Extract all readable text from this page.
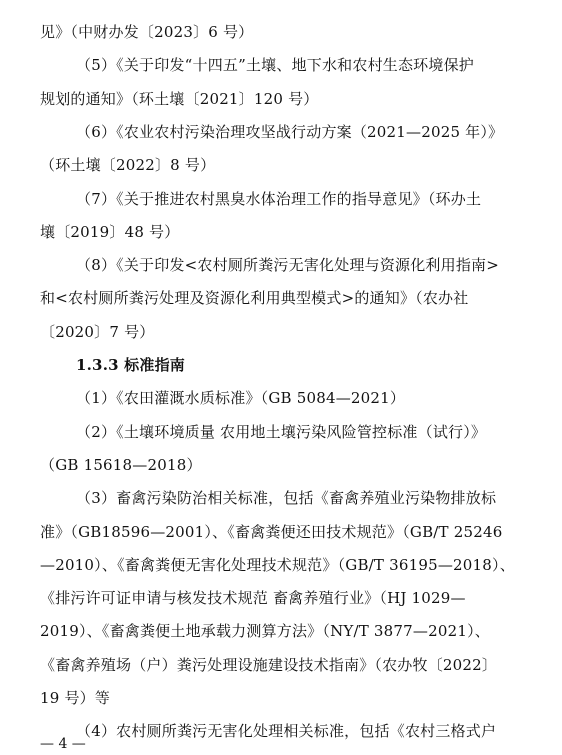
见》（中财办发〔2023〕6 号）
（5）《关于印发“十四五”土壤、地下水和农村生态环境保护
规划的通知》（环土壤〔2021〕120 号）
（6）《农业农村污染治理攻坚战行动方案（2021—2025 年）》
（环土壤〔2022〕8 号）
（7）《关于推进农村黑臭水体治理工作的指导意见》（环办土
壤〔2019〕48 号）
（8）《关于印发<农村厕所粪污无害化处理与资源化利用指南>
和<农村厕所粪污处理及资源化利用典型模式>的通知》（农办社
〔2020〕7 号）
1.3.3 标准指南
（1）《农田灌溉水质标准》（GB 5084—2021）
（2）《土壤环境质量 农用地土壤污染风险管控标准（试行）》
（GB 15618—2018）
（3）畜禽污染防治相关标准，包括《畜禽养殖业污染物排放标
准》（GB18596—2001）、《畜禽粪便还田技术规范》（GB/T 25246
—2010）、《畜禽粪便无害化处理技术规范》（GB/T 36195—2018）、
《排污许可证申请与核发技术规范 畜禽养殖行业》（HJ 1029—
2019）、《畜禽粪便土地承载力测算方法》（NY/T 3877—2021）、
《畜禽养殖场（户）粪污处理设施建设技术指南》（农办牧〔2022〕
19 号）等
（4）农村厕所粪污无害化处理相关标准，包括《农村三格式户
— 4 —
